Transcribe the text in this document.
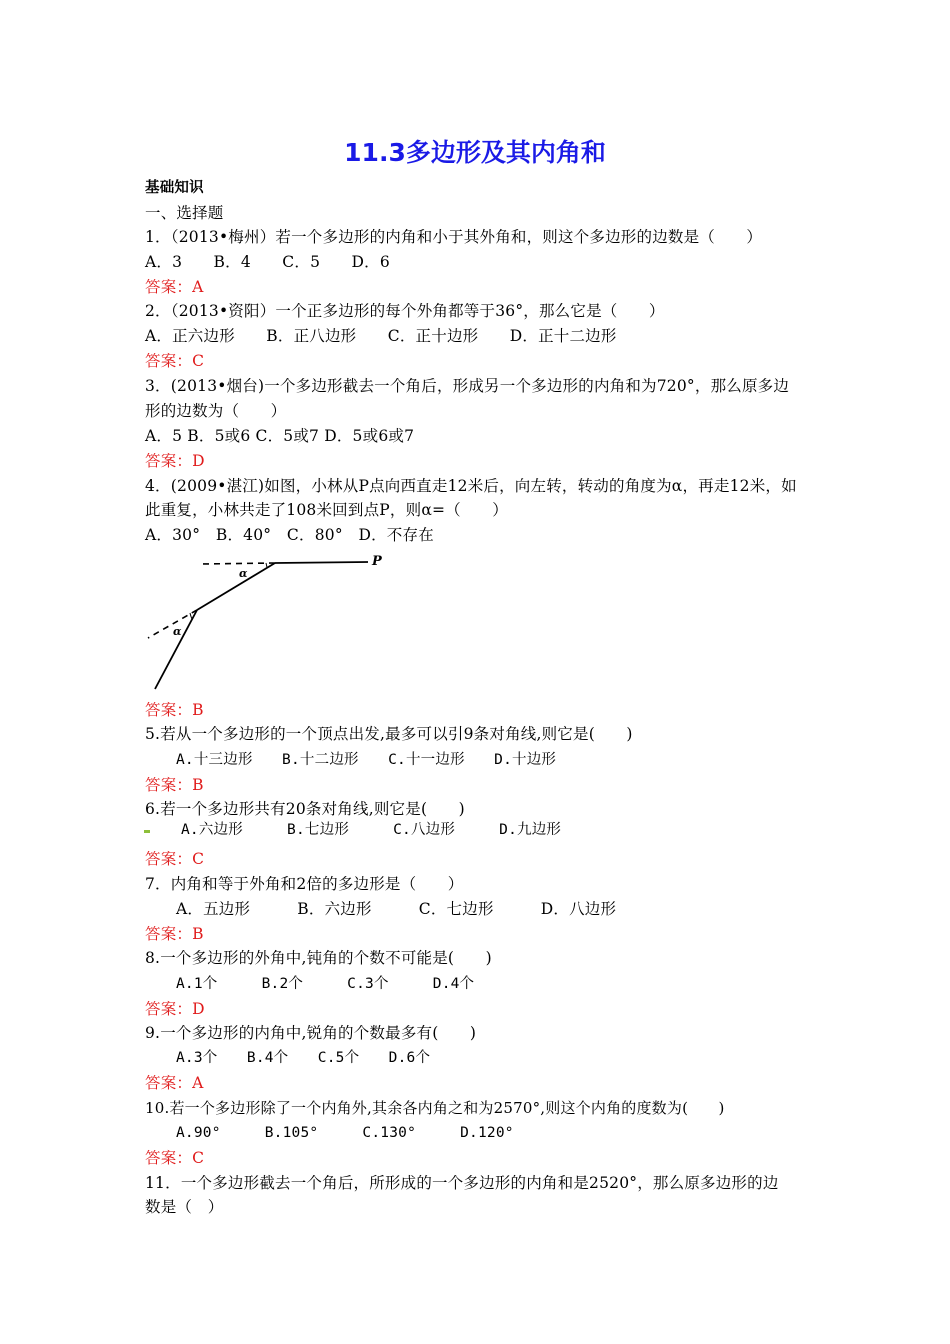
11.3多边形及其内角和
基础知识
一、选择题
1．（2013•梅州）若一个多边形的内角和小于其外角和，则这个多边形的边数是（　　）
A．3　　B．4　　C．5　　D．6
答案：A
2．（2013•资阳）一个正多边形的每个外角都等于36°，那么它是（　　）
A．正六边形　　B．正八边形　　C．正十边形　　D．正十二边形
答案：C
3．(2013•烟台)一个多边形截去一个角后，形成另一个多边形的内角和为720°，那么原多边
形的边数为（　　）
A．5 B．5或6 C．5或7 D．5或6或7
答案：D
4．(2009•湛江)如图，小林从P点向西直走12米后，向左转，转动的角度为α，再走12米，如
此重复，小林共走了108米回到点P，则α=（　　）
A．30°　B．40°　C．80°　D．不存在
α
α
P
答案：B
5.若从一个多边形的一个顶点出发,最多可以引9条对角线,则它是(　　)
A.十三边形　　B.十二边形　　C.十一边形　　D.十边形
答案：B
6.若一个多边形共有20条对角线,则它是(　　)
A.六边形　　　B.七边形　　　C.八边形　　　D.九边形
答案：C
7．内角和等于外角和2倍的多边形是（　　）
A．五边形　　　B．六边形　　　C．七边形　　　D．八边形
答案：B
8.一个多边形的外角中,钝角的个数不可能是(　　)
A.1个　　　B.2个　　　C.3个　　　D.4个
答案：D
9.一个多边形的内角中,锐角的个数最多有(　　)
A.3个　　B.4个　　C.5个　　D.6个
答案：A
10.若一个多边形除了一个内角外,其余各内角之和为2570°,则这个内角的度数为(　　)
A.90°　　　B.105°　　　C.130°　　　D.120°
答案：C
11．一个多边形截去一个角后，所形成的一个多边形的内角和是2520°，那么原多边形的边
数是（　）
